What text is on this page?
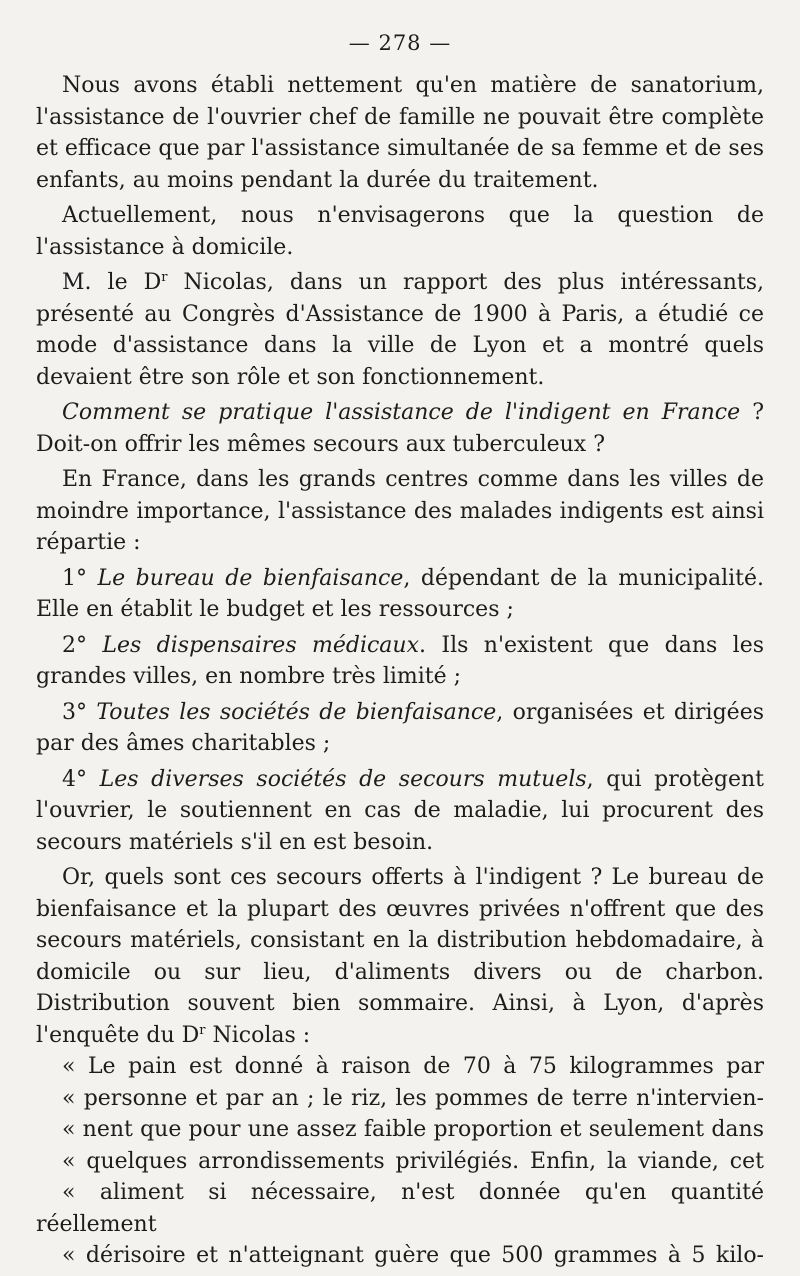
— 278 —

Nous avons établi nettement qu'en matière de sanatorium, l'assistance de l'ouvrier chef de famille ne pouvait être complète et efficace que par l'assistance simultanée de sa femme et de ses enfants, au moins pendant la durée du traitement.

Actuellement, nous n'envisagerons que la question de l'assistance à domicile.

M. le $D^r$ Nicolas, dans un rapport des plus intéressants, présenté au Congrès d'Assistance de 1900 à Paris, a étudié ce mode d'assistance dans la ville de Lyon et a montré quels devaient être son rôle et son fonctionnement.

Comment se pratique l'assistance de l'indigent en France ? Doit-on offrir les mêmes secours aux tuberculeux ?

En France, dans les grands centres comme dans les villes de moindre importance, l'assistance des malades indigents est ainsi répartie :

1° Le bureau de bienfaisance, dépendant de la municipalité. Elle en établit le budget et les ressources ;

2° Les dispensaires médicaux. Ils n'existent que dans les grandes villes, en nombre très limité ;

3° Toutes les sociétés de bienfaisance, organisées et dirigées par des âmes charitables ;

4° Les diverses sociétés de secours mutuels, qui protègent l'ouvrier, le soutiennent en cas de maladie, lui procurent des secours matériels s'il en est besoin.

Or, quels sont ces secours offerts à l'indigent ? Le bureau de bienfaisance et la plupart des œuvres privées n'offrent que des secours matériels, consistant en la distribution hebdomadaire, à domicile ou sur lieu, d'aliments divers ou de charbon. Distribution souvent bien sommaire. Ainsi, à Lyon, d'après l'enquête du $D^r$ Nicolas :

« Le pain est donné à raison de 70 à 75 kilogrammes par
« personne et par an ; le riz, les pommes de terre n'intervien-
« nent que pour une assez faible proportion et seulement dans
« quelques arrondissements privilégiés. Enfin, la viande, cet
« aliment si nécessaire, n'est donnée qu'en quantité réellement
« dérisoire et n'atteignant guère que 500 grammes à 5 kilo-
